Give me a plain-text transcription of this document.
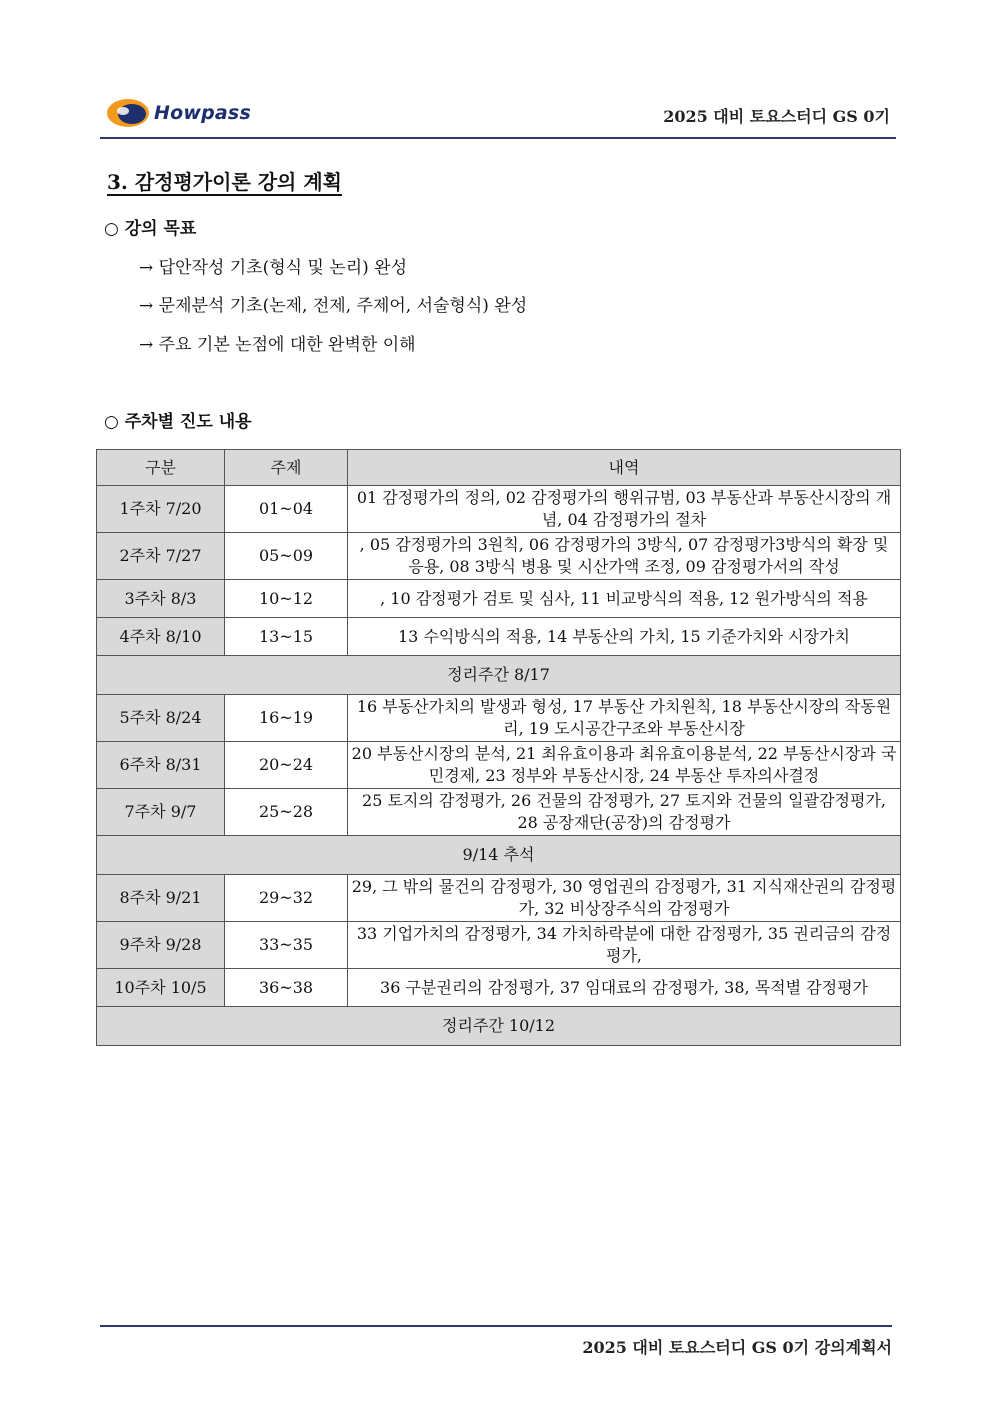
Howpass	2025 대비 토요스터디 GS 0기
3. 감정평가이론 강의 계획
○ 강의 목표
→ 답안작성 기초(형식 및 논리) 완성
→ 문제분석 기초(논제, 전제, 주제어, 서술형식) 완성
→ 주요 기본 논점에 대한 완벽한 이해
○ 주차별 진도 내용
구분	주제	내역
1주차 7/20	01~04	01 감정평가의 정의, 02 감정평가의 행위규범, 03 부동산과 부동산시장의 개념, 04 감정평가의 절차
2주차 7/27	05~09	, 05 감정평가의 3원칙, 06 감정평가의 3방식, 07 감정평가3방식의 확장 및 응용, 08 3방식 병용 및 시산가액 조정, 09 감정평가서의 작성
3주차 8/3	10~12	, 10 감정평가 검토 및 심사, 11 비교방식의 적용, 12 원가방식의 적용
4주차 8/10	13~15	13 수익방식의 적용, 14 부동산의 가치, 15 기준가치와 시장가치
정리주간 8/17		
5주차 8/24	16~19	16 부동산가치의 발생과 형성, 17 부동산 가치원칙, 18 부동산시장의 작동원리, 19 도시공간구조와 부동산시장
6주차 8/31	20~24	20 부동산시장의 분석, 21 최유효이용과 최유효이용분석, 22 부동산시장과 국민경제, 23 정부와 부동산시장, 24 부동산 투자의사결정
7주차 9/7	25~28	25 토지의 감정평가, 26 건물의 감정평가, 27 토지와 건물의 일괄감정평가, 28 공장재단(공장)의 감정평가
9/14 추석		
8주차 9/21	29~32	29, 그 밖의 물건의 감정평가, 30 영업권의 감정평가, 31 지식재산권의 감정평가, 32 비상장주식의 감정평가
9주차 9/28	33~35	33 기업가치의 감정평가, 34 가치하락분에 대한 감정평가, 35 권리금의 감정평가,
10주차 10/5	36~38	36 구분권리의 감정평가, 37 임대료의 감정평가, 38, 목적별 감정평가
정리주간 10/12		
2025 대비 토요스터디 GS 0기 강의계획서
